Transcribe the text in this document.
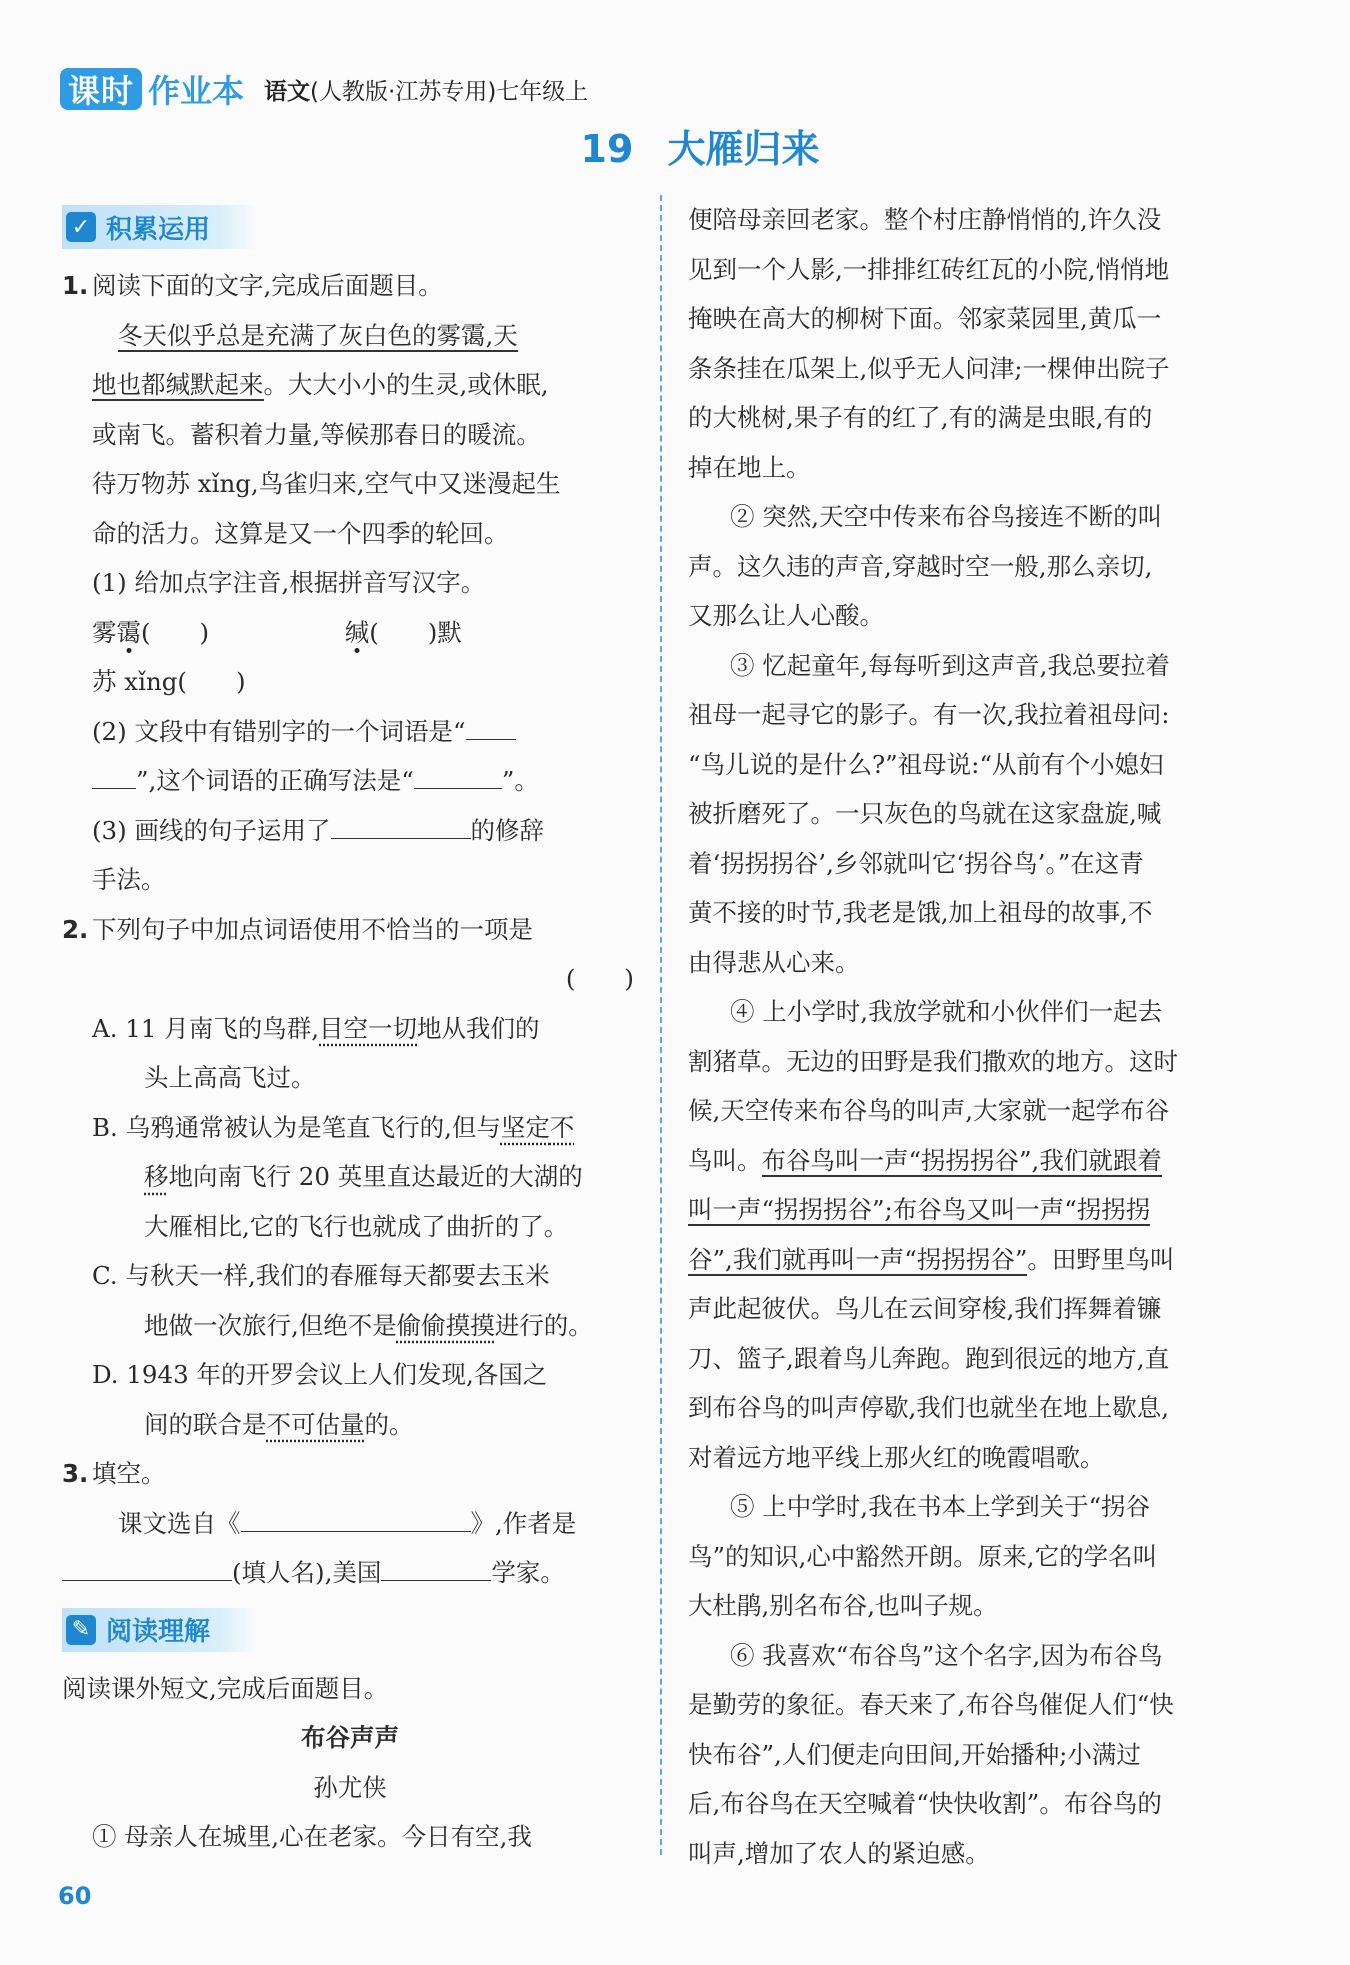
课时 作业本 语文(人教版·江苏专用)七年级上
19 大雁归来
✓ 积累运用
1. 阅读下面的文字,完成后面题目。
冬天似乎总是充满了灰白色的雾霭,天
地也都缄默起来。大大小小的生灵,或休眠,
或南飞。蓄积着力量,等候那春日的暖流。
待万物苏 xǐng,鸟雀归来,空气中又迷漫起生
命的活力。这算是又一个四季的轮回。
(1) 给加点字注音,根据拼音写汉字。
雾霭(　　)	缄(　　)默
苏 xǐng(　　)
(2) 文段中有错别字的一个词语是“
”,这个词语的正确写法是“	”。
(3) 画线的句子运用了	的修辞
手法。
2. 下列句子中加点词语使用不恰当的一项是
(　　)
A. 11 月南飞的鸟群,目空一切地从我们的
头上高高飞过。
B. 乌鸦通常被认为是笔直飞行的,但与坚定不
移地向南飞行 20 英里直达最近的大湖的
大雁相比,它的飞行也就成了曲折的了。
C. 与秋天一样,我们的春雁每天都要去玉米
地做一次旅行,但绝不是偷偷摸摸进行的。
D. 1943 年的开罗会议上人们发现,各国之
间的联合是不可估量的。
3. 填空。
课文选自《	》,作者是
(填人名),美国	学家。
✎ 阅读理解
阅读课外短文,完成后面题目。
布谷声声
孙尤侠
① 母亲人在城里,心在老家。今日有空,我
便陪母亲回老家。整个村庄静悄悄的,许久没
见到一个人影,一排排红砖红瓦的小院,悄悄地
掩映在高大的柳树下面。邻家菜园里,黄瓜一
条条挂在瓜架上,似乎无人问津;一棵伸出院子
的大桃树,果子有的红了,有的满是虫眼,有的
掉在地上。
② 突然,天空中传来布谷鸟接连不断的叫
声。这久违的声音,穿越时空一般,那么亲切,
又那么让人心酸。
③ 忆起童年,每每听到这声音,我总要拉着
祖母一起寻它的影子。有一次,我拉着祖母问:
“鸟儿说的是什么?”祖母说:“从前有个小媳妇
被折磨死了。一只灰色的鸟就在这家盘旋,喊
着‘拐拐拐谷’,乡邻就叫它‘拐谷鸟’。”在这青
黄不接的时节,我老是饿,加上祖母的故事,不
由得悲从心来。
④ 上小学时,我放学就和小伙伴们一起去
割猪草。无边的田野是我们撒欢的地方。这时
候,天空传来布谷鸟的叫声,大家就一起学布谷
鸟叫。布谷鸟叫一声“拐拐拐谷”,我们就跟着
叫一声“拐拐拐谷”;布谷鸟又叫一声“拐拐拐
谷”,我们就再叫一声“拐拐拐谷”。田野里鸟叫
声此起彼伏。鸟儿在云间穿梭,我们挥舞着镰
刀、篮子,跟着鸟儿奔跑。跑到很远的地方,直
到布谷鸟的叫声停歇,我们也就坐在地上歇息,
对着远方地平线上那火红的晚霞唱歌。
⑤ 上中学时,我在书本上学到关于“拐谷
鸟”的知识,心中豁然开朗。原来,它的学名叫
大杜鹃,别名布谷,也叫子规。
⑥ 我喜欢“布谷鸟”这个名字,因为布谷鸟
是勤劳的象征。春天来了,布谷鸟催促人们“快
快布谷”,人们便走向田间,开始播种;小满过
后,布谷鸟在天空喊着“快快收割”。布谷鸟的
叫声,增加了农人的紧迫感。
60
